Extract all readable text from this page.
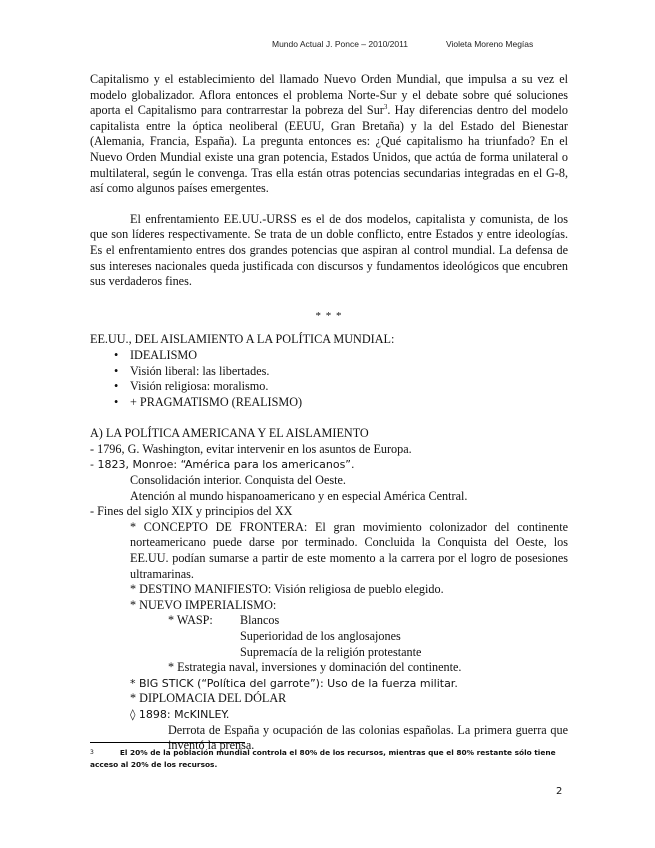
Mundo Actual J. Ponce – 2010/2011	Violeta Moreno Megías

Capitalismo y el establecimiento del llamado Nuevo Orden Mundial, que impulsa a su vez el modelo globalizador. Aflora entonces el problema Norte-Sur y el debate sobre qué soluciones aporta el Capitalismo para contrarrestar la pobreza del Sur$^3$. Hay diferencias dentro del modelo capitalista entre la óptica neoliberal (EEUU, Gran Bretaña) y la del Estado del Bienestar (Alemania, Francia, España). La pregunta entonces es: ¿Qué capitalismo ha triunfado? En el Nuevo Orden Mundial existe una gran potencia, Estados Unidos, que actúa de forma unilateral o multilateral, según le convenga. Tras ella están otras potencias secundarias integradas en el G-8, así como algunos países emergentes.

El enfrentamiento EE.UU.-URSS es el de dos modelos, capitalista y comunista, de los que son líderes respectivamente. Se trata de un doble conflicto, entre Estados y entre ideologías. Es el enfrentamiento entres dos grandes potencias que aspiran al control mundial. La defensa de sus intereses nacionales queda justificada con discursos y fundamentos ideológicos que encubren sus verdaderos fines.

* * *

EE.UU., DEL AISLAMIENTO A LA POLÍTICA MUNDIAL:

• IDEALISMO
• Visión liberal: las libertades.
• Visión religiosa: moralismo.
• + PRAGMATISMO (REALISMO)

A) LA POLÍTICA AMERICANA Y EL AISLAMIENTO

- 1796, G. Washington, evitar intervenir en los asuntos de Europa.

- 1823, Monroe: “América para los americanos”.

Consolidación interior. Conquista del Oeste.

Atención al mundo hispanoamericano y en especial América Central.

- Fines del siglo XIX y principios del XX

* CONCEPTO DE FRONTERA: El gran movimiento colonizador del continente norteamericano puede darse por terminado. Concluida la Conquista del Oeste, los EE.UU. podían sumarse a partir de este momento a la carrera por el logro de posesiones ultramarinas.

* DESTINO MANIFIESTO: Visión religiosa de pueblo elegido.

* NUEVO IMPERIALISMO:

* WASP:	Blancos

Superioridad de los anglosajones

Supremacía de la religión protestante

* Estrategia naval, inversiones y dominación del continente.

* BIG STICK (“Política del garrote”): Uso de la fuerza militar.

* DIPLOMACIA DEL DÓLAR

◊ 1898: McKINLEY.

Derrota de España y ocupación de las colonias españolas. La primera guerra que inventó la prensa.

$^3$	El 20% de la población mundial controla el 80% de los recursos, mientras que el 80% restante sólo tiene acceso al 20% de los recursos.
2
